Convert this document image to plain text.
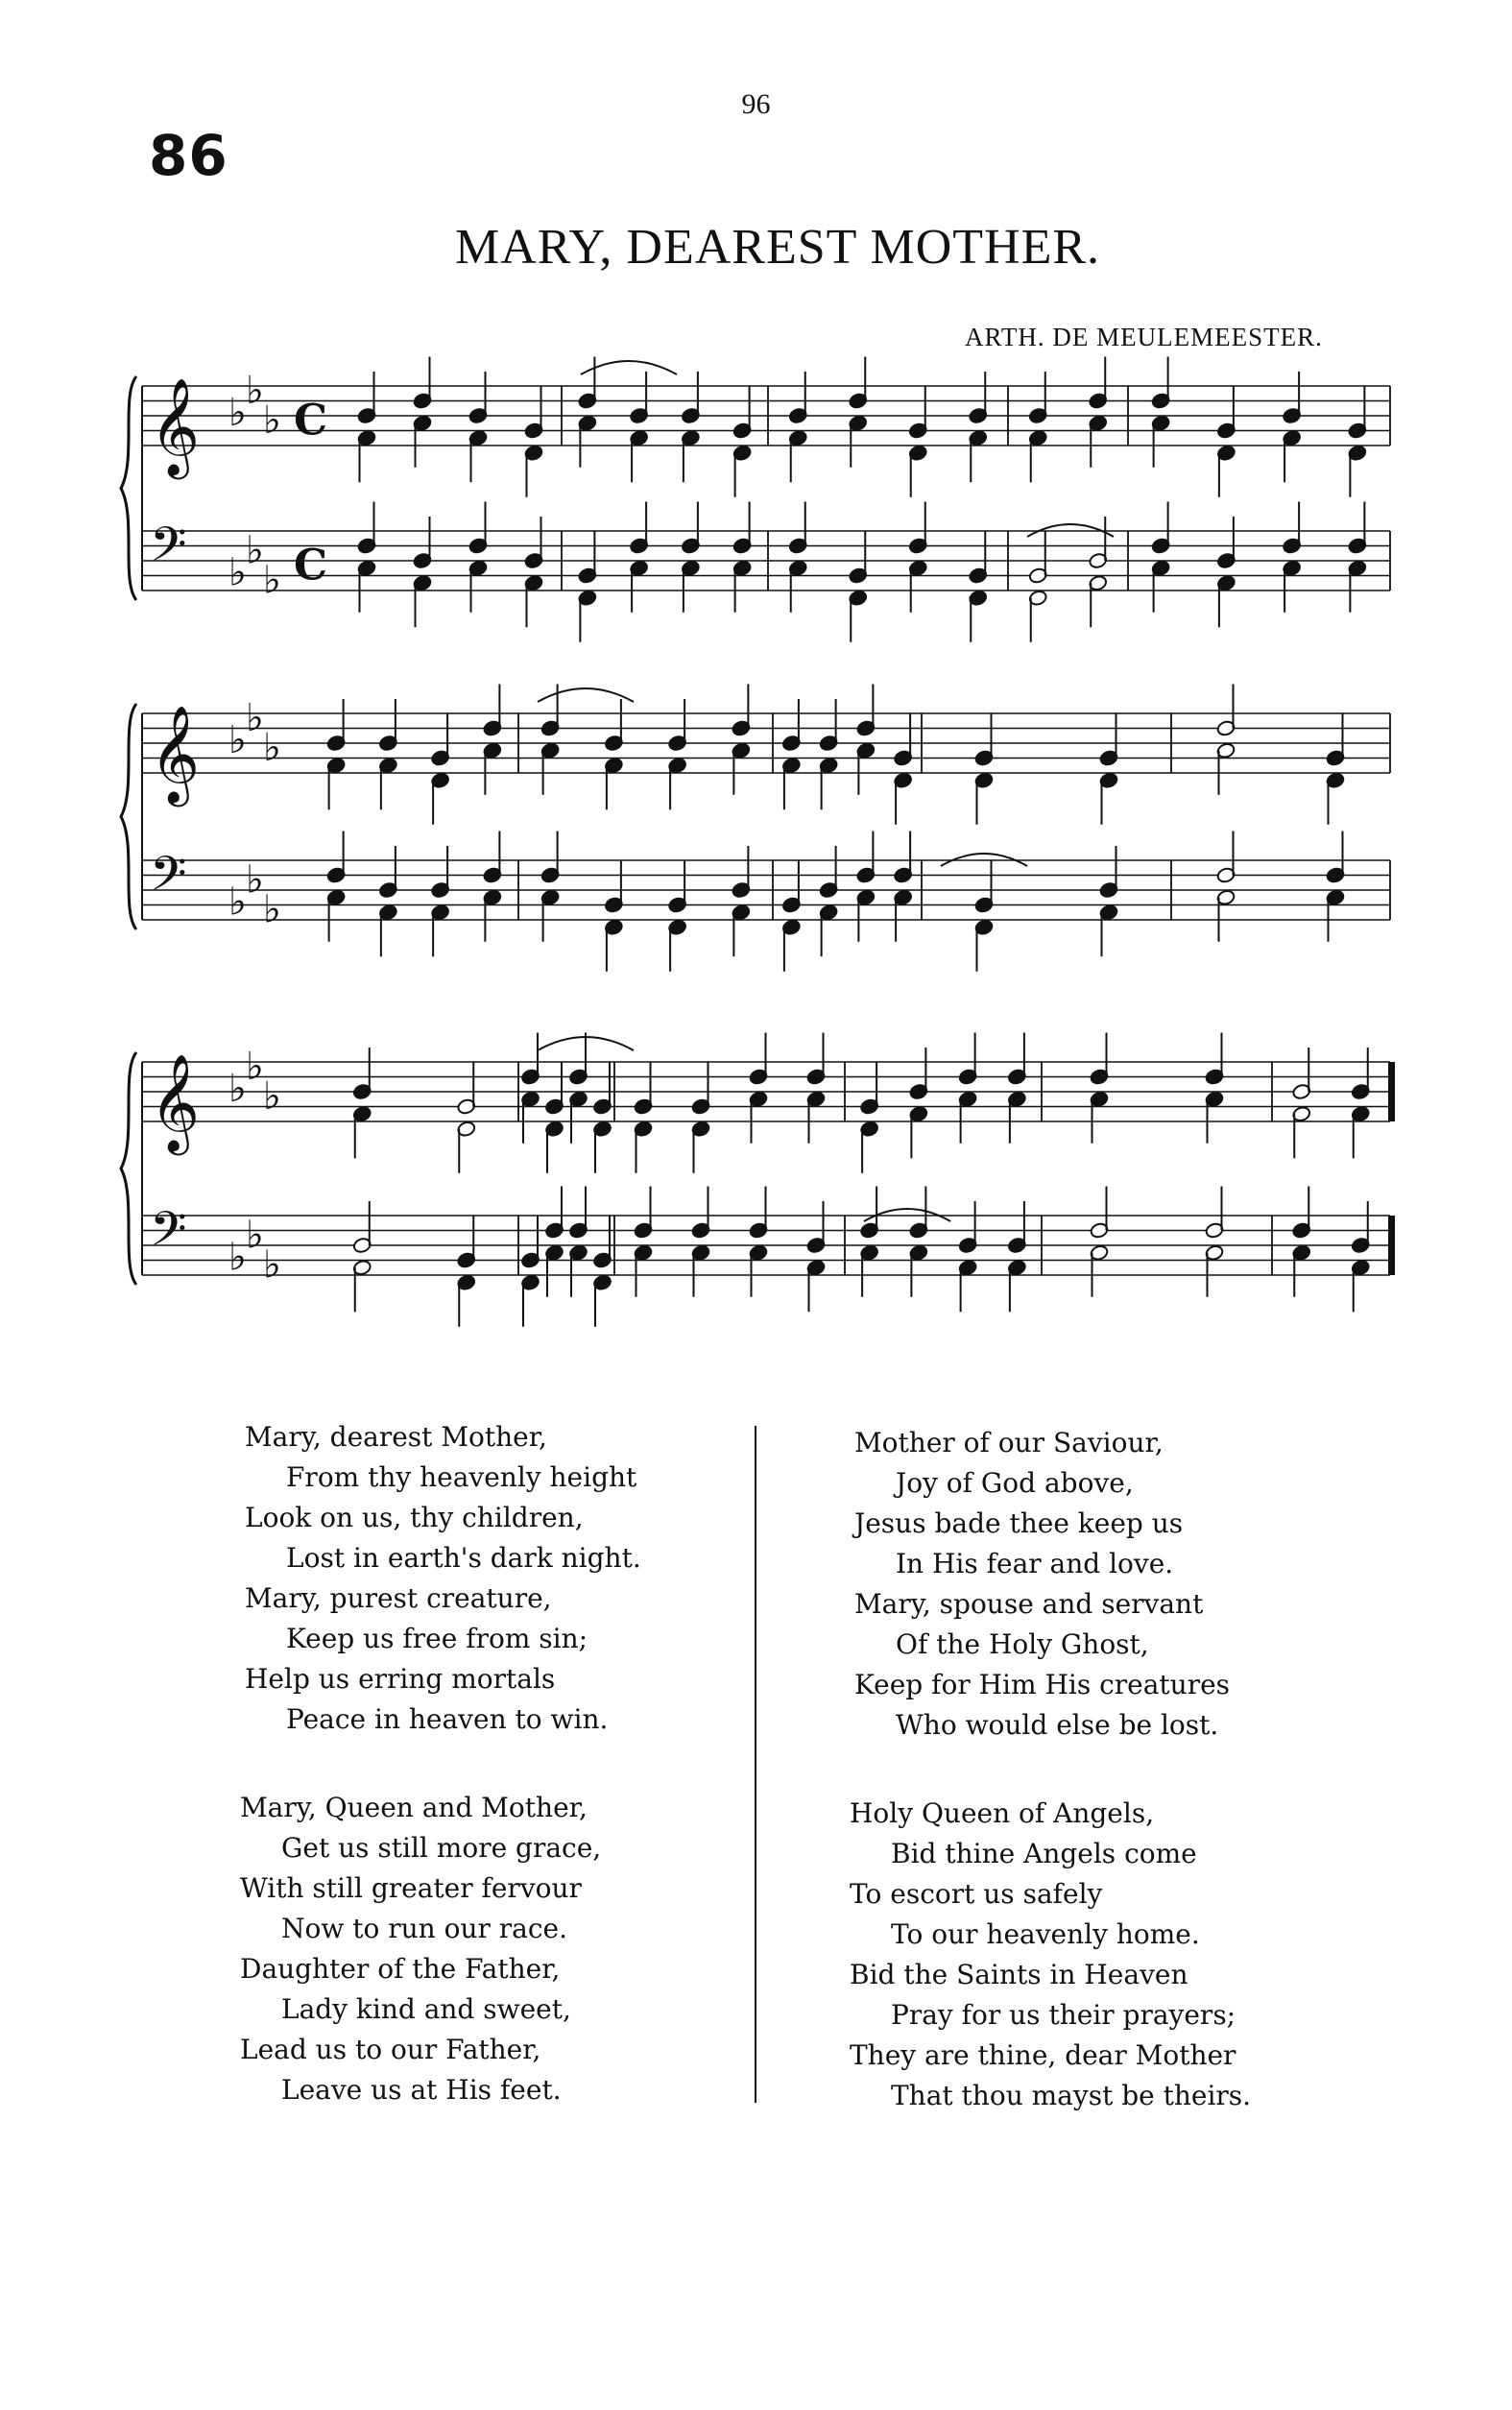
96
86
MARY, DEAREST MOTHER.
ARTH. DE MEULEMEESTER.
𝄞 ♭
♭
♭ C
𝄢 ♭
♭
♭ C
𝄞 ♭
♭
♭
𝄢 ♭
♭
♭
𝄞 ♭
♭
♭
𝄢 ♭
♭
♭
Mary, dearest Mother,
From thy heavenly height
Look on us, thy children,
Lost in earth's dark night.
Mary, purest creature,
Keep us free from sin;
Help us erring mortals
Peace in heaven to win.
Mary, Queen and Mother,
Get us still more grace,
With still greater fervour
Now to run our race.
Daughter of the Father,
Lady kind and sweet,
Lead us to our Father,
Leave us at His feet.
Mother of our Saviour,
Joy of God above,
Jesus bade thee keep us
In His fear and love.
Mary, spouse and servant
Of the Holy Ghost,
Keep for Him His creatures
Who would else be lost.
Holy Queen of Angels,
Bid thine Angels come
To escort us safely
To our heavenly home.
Bid the Saints in Heaven
Pray for us their prayers;
They are thine, dear Mother
That thou mayst be theirs.
